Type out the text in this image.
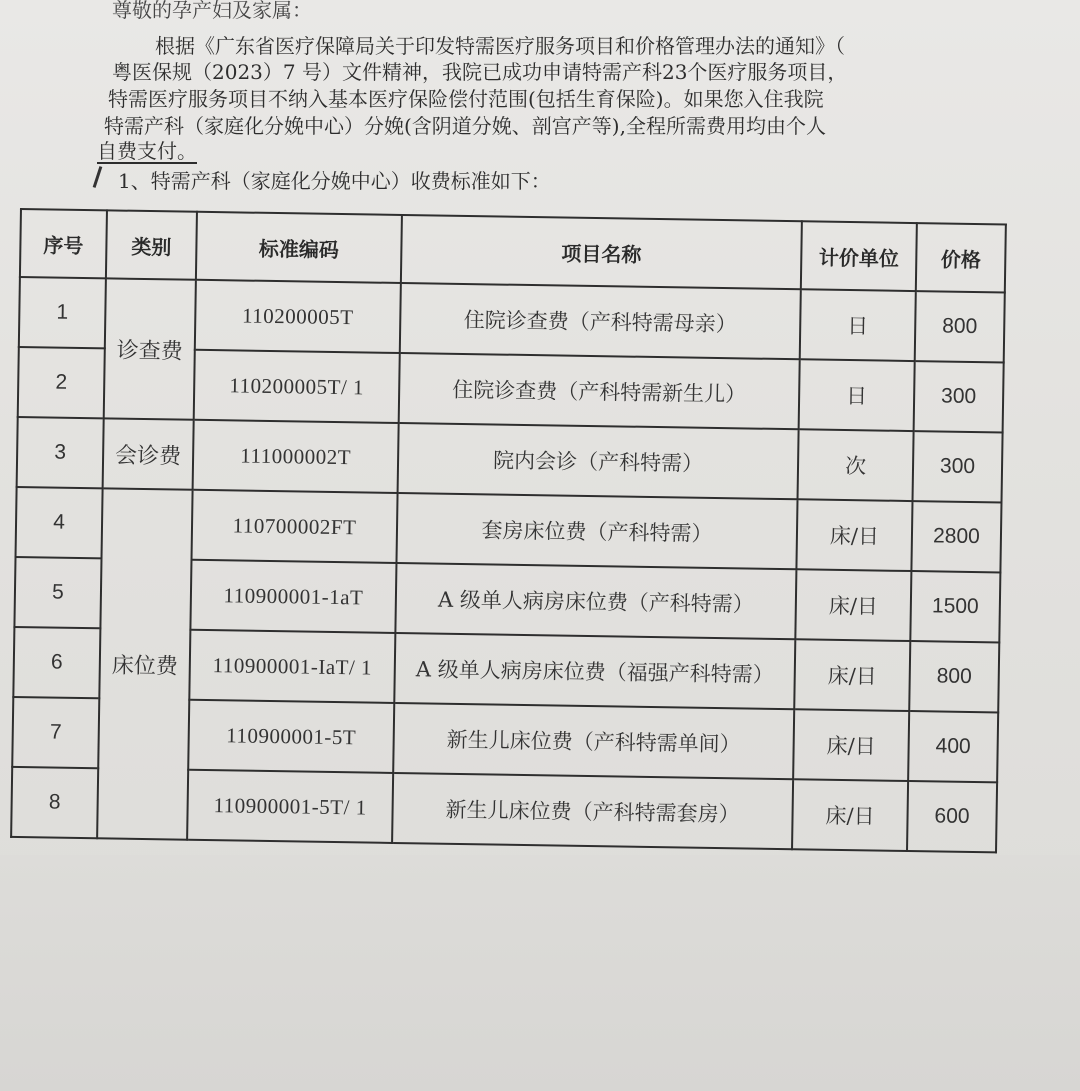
尊敬的孕产妇及家属：
根据《广东省医疗保障局关于印发特需医疗服务项目和价格管理办法的通知》（
粤医保规（2023）7 号）文件精神，我院已成功申请特需产科23个医疗服务项目，
特需医疗服务项目不纳入基本医疗保险偿付范围(包括生育保险)。如果您入住我院
特需产科（家庭化分娩中心）分娩(含阴道分娩、剖宫产等),全程所需费用均由个人
自费支付。
1、特需产科（家庭化分娩中心）收费标准如下：
序号	类别	标准编码	项目名称	计价单位	价格
1	诊查费	110200005T	住院诊查费（产科特需母亲）	日	800
2		110200005T/ 1	住院诊查费（产科特需新生儿）	日	300
3	会诊费	111000002T	院内会诊（产科特需）	次	300
4	床位费	110700002FT	套房床位费（产科特需）	床/日	2800
5		110900001-1aT	A 级单人病房床位费（产科特需）	床/日	1500
6		110900001-IaT/ 1	A 级单人病房床位费（福强产科特需）	床/日	800
7		110900001-5T	新生儿床位费（产科特需单间）	床/日	400
8		110900001-5T/ 1	新生儿床位费（产科特需套房）	床/日	600
